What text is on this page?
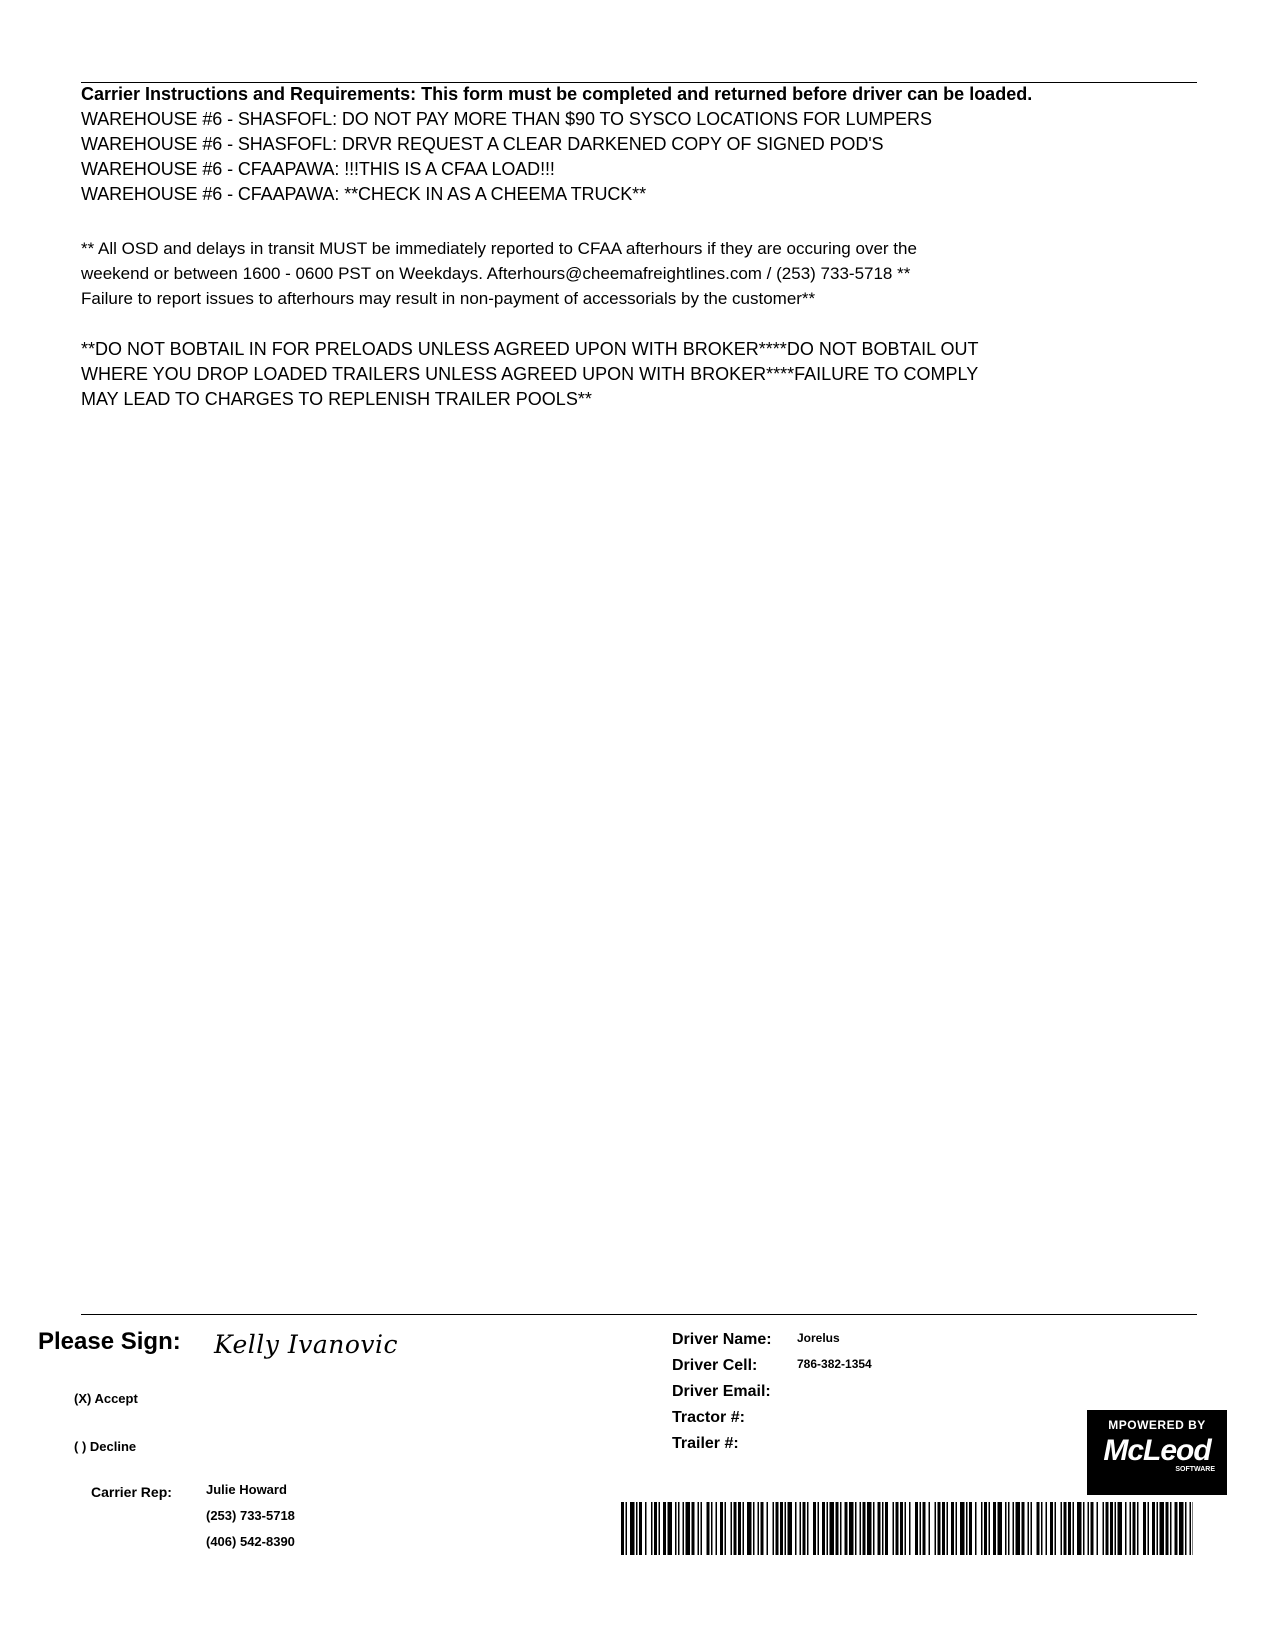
Carrier Instructions and Requirements: This form must be completed and returned before driver can be loaded.
WAREHOUSE #6 - SHASFOFL: DO NOT PAY MORE THAN $90 TO SYSCO LOCATIONS FOR LUMPERS
WAREHOUSE #6 - SHASFOFL: DRVR REQUEST A CLEAR DARKENED COPY OF SIGNED POD'S
WAREHOUSE #6 - CFAAPAWA: !!!THIS IS A CFAA LOAD!!!
WAREHOUSE #6 - CFAAPAWA: **CHECK IN AS A CHEEMA TRUCK**
** All OSD and delays in transit MUST be immediately reported to CFAA afterhours if they are occuring over the
weekend or between 1600 - 0600 PST on Weekdays. Afterhours@cheemafreightlines.com / (253) 733-5718 **
Failure to report issues to afterhours may result in non-payment of accessorials by the customer**
**DO NOT BOBTAIL IN FOR PRELOADS UNLESS AGREED UPON WITH BROKER****DO NOT BOBTAIL OUT
WHERE YOU DROP LOADED TRAILERS UNLESS AGREED UPON WITH BROKER****FAILURE TO COMPLY
MAY LEAD TO CHARGES TO REPLENISH TRAILER POOLS**
Please Sign: Kelly Ivanovic
(X) Accept
( ) Decline
Carrier Rep:	Julie Howard
(253) 733-5718
(406) 542-8390
Driver Name: Jorelus
Driver Cell:	786-382-1354
Driver Email:
Tractor #:
Trailer #:
MPOWERED BY
McLeod
SOFTWARE
